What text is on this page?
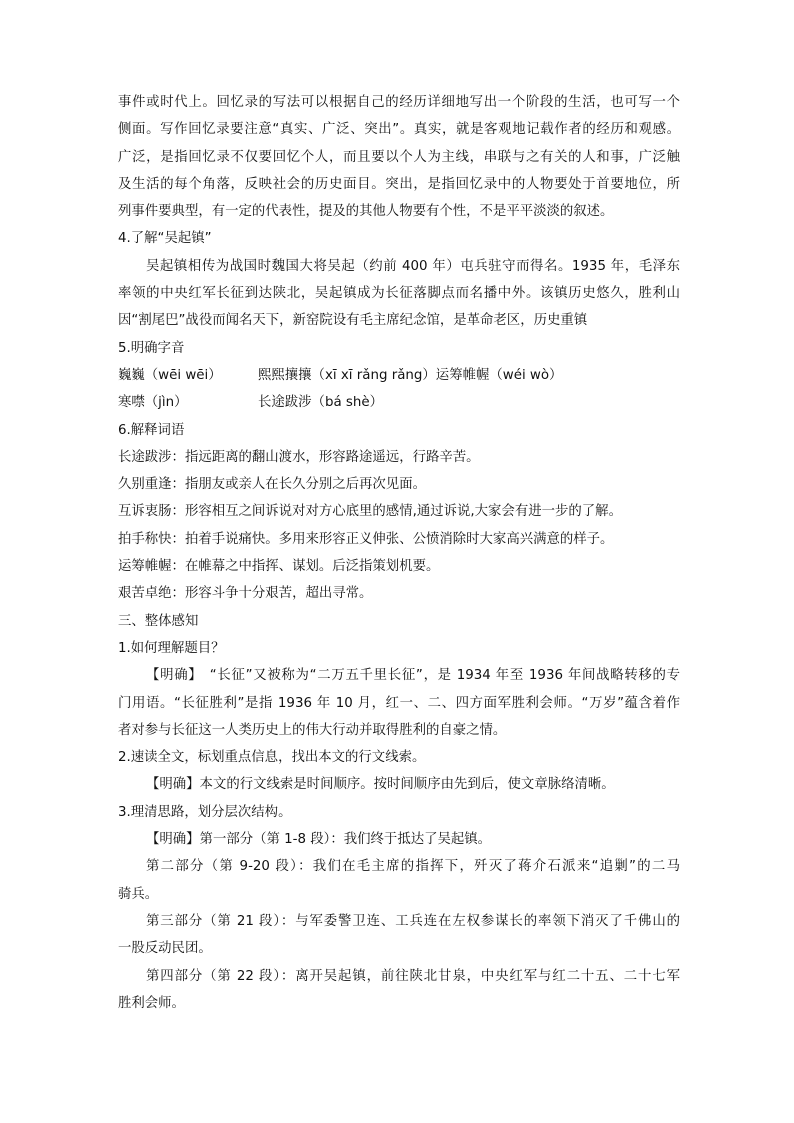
事件或时代上。回忆录的写法可以根据自己的经历详细地写出一个阶段的生活，也可写一个
侧面。写作回忆录要注意“真实、广泛、突出”。真实，就是客观地记载作者的经历和观感。
广泛，是指回忆录不仅要回忆个人，而且要以个人为主线，串联与之有关的人和事，广泛触
及生活的每个角落，反映社会的历史面目。突出，是指回忆录中的人物要处于首要地位，所
列事件要典型，有一定的代表性，提及的其他人物要有个性，不是平平淡淡的叙述。
4.了解“吴起镇”
吴起镇相传为战国时魏国大将吴起（约前 400 年）屯兵驻守而得名。1935 年，毛泽东
率领的中央红军长征到达陕北，吴起镇成为长征落脚点而名播中外。该镇历史悠久，胜利山
因“割尾巴”战役而闻名天下，新窑院设有毛主席纪念馆，是革命老区，历史重镇
5.明确字音
巍巍（wēi wēi）	熙熙攘攘（xī xī rǎng rǎng）运筹帷幄（wéi wò）
寒噤（jìn）	长途跋涉（bá shè）
6.解释词语
长途跋涉：指远距离的翻山渡水，形容路途遥远，行路辛苦。
久别重逢：指朋友或亲人在长久分别之后再次见面。
互诉衷肠：形容相互之间诉说对对方心底里的感情,通过诉说,大家会有进一步的了解。
拍手称快：拍着手说痛快。多用来形容正义伸张、公愤消除时大家高兴满意的样子。
运筹帷幄：在帷幕之中指挥、谋划。后泛指策划机要。
艰苦卓绝：形容斗争十分艰苦，超出寻常。
三、整体感知
1.如何理解题目？
【明确】　“长征”又被称为“二万五千里长征”，是 1934 年至 1936 年间战略转移的专
门用语。“长征胜利”是指 1936 年 10 月，红一、二、四方面军胜利会师。“万岁”蕴含着作
者对参与长征这一人类历史上的伟大行动并取得胜利的自豪之情。
2.速读全文，标划重点信息，找出本文的行文线索。
【明确】本文的行文线索是时间顺序。按时间顺序由先到后，使文章脉络清晰。
3.理清思路，划分层次结构。
【明确】第一部分（第 1-8 段）：我们终于抵达了吴起镇。
第二部分（第 9-20 段）：我们在毛主席的指挥下，歼灭了蒋介石派来“追剿”的二马
骑兵。
第三部分（第 21 段）：与军委警卫连、工兵连在左权参谋长的率领下消灭了千佛山的
一股反动民团。
第四部分（第 22 段）：离开吴起镇，前往陕北甘泉，中央红军与红二十五、二十七军
胜利会师。
